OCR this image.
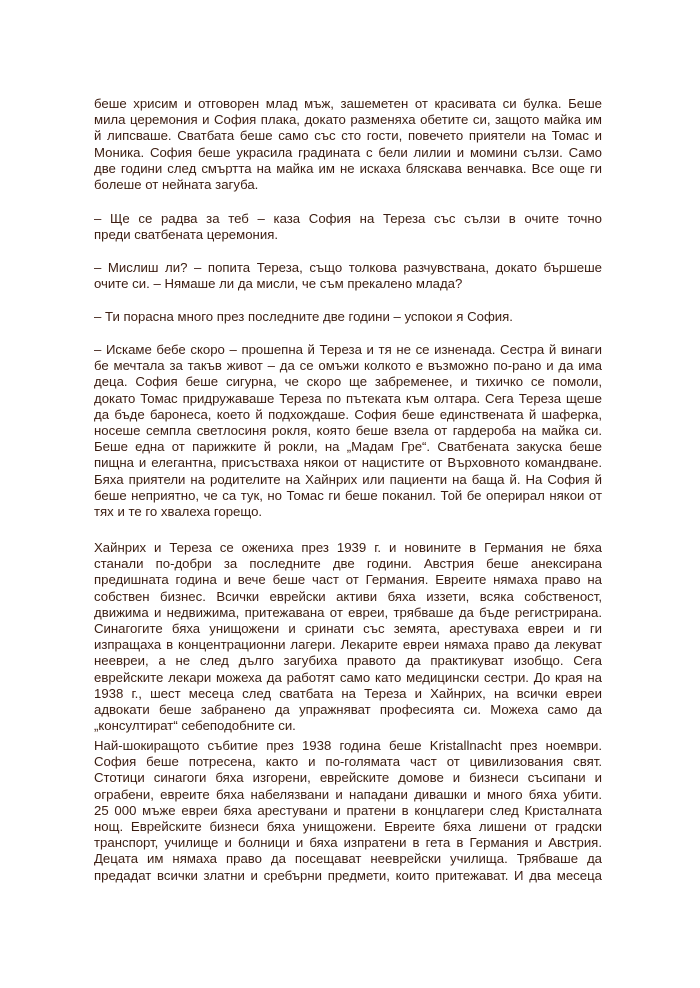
беше хрисим и отговорен млад мъж, зашеметен от красивата си булка. Беше
мила церемония и София плака, докато разменяха обетите си, защото майка им
й липсваше. Сватбата беше само със сто гости, повечето приятели на Томас и
Моника. София беше украсила градината с бели лилии и момини сълзи. Само
две години след смъртта на майка им не искаха бляскава венчавка. Все още ги
болеше от нейната загуба.
– Ще се радва за теб – каза София на Тереза със сълзи в очите точно
преди сватбената церемония.
– Мислиш ли? – попита Тереза, също толкова разчувствана, докато бършеше
очите си. – Нямаше ли да мисли, че съм прекалено млада?
– Ти порасна много през последните две години – успокои я София.
– Искаме бебе скоро – прошепна й Тереза и тя не се изненада. Сестра й винаги
бе мечтала за такъв живот – да се омъжи колкото е възможно по-рано и да има
деца. София беше сигурна, че скоро ще забременее, и тихичко се помоли,
докато Томас придружаваше Тереза по пътеката към олтара. Сега Тереза щеше
да бъде баронеса, което й подхождаше. София беше единствената й шаферка,
носеше семпла светлосиня рокля, която беше взела от гардероба на майка си.
Беше една от парижките й рокли, на „Мадам Гре“. Сватбената закуска беше
пищна и елегантна, присъстваха някои от нацистите от Върховното командване.
Бяха приятели на родителите на Хайнрих или пациенти на баща й. На София й
беше неприятно, че са тук, но Томас ги беше поканил. Той бе оперирал някои от
тях и те го хвалеха горещо.
Хайнрих и Тереза се ожениха през 1939 г. и новините в Германия не бяха
станали по-добри за последните две години. Австрия беше анексирана
предишната година и вече беше част от Германия. Евреите нямаха право на
собствен бизнес. Всички еврейски активи бяха иззети, всяка собственост,
движима и недвижима, притежавана от евреи, трябваше да бъде регистрирана.
Синагогите бяха унищожени и сринати със земята, арестуваха евреи и ги
изпращаха в концентрационни лагери. Лекарите евреи нямаха право да лекуват
неевреи, а не след дълго загубиха правото да практикуват изобщо. Сега
еврейските лекари можеха да работят само като медицински сестри. До края на
1938 г., шест месеца след сватбата на Тереза и Хайнрих, на всички евреи
адвокати беше забранено да упражняват професията си. Можеха само да
„консултират“ себеподобните си.
Най-шокиращото събитие през 1938 година беше Kristallnacht през ноември.
София беше потресена, както и по-голямата част от цивилизования свят.
Стотици синагоги бяха изгорени, еврейските домове и бизнеси съсипани и
ограбени, евреите бяха набелязвани и нападани дивашки и много бяха убити.
25 000 мъже евреи бяха арестувани и пратени в концлагери след Кристалната
нощ. Еврейските бизнеси бяха унищожени. Евреите бяха лишени от градски
транспорт, училище и болници и бяха изпратени в гета в Германия и Австрия.
Децата им нямаха право да посещават неeврейски училища. Трябваше да
предадат всички златни и сребърни предмети, които притежават. И два месеца
